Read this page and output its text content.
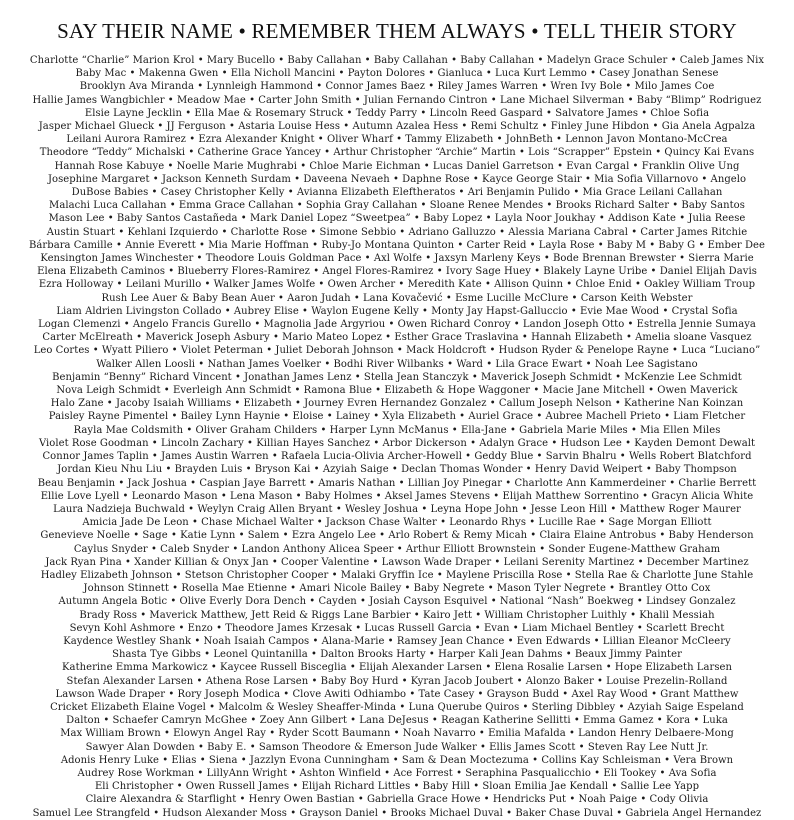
SAY THEIR NAME • REMEMBER THEM ALWAYS • TELL THEIR STORY
Charlotte “Charlie” Marion Krol • Mary Bucello • Baby Callahan • Baby Callahan • Baby Callahan • Madelyn Grace Schuler • Caleb James Nix
Baby Mac • Makenna Gwen • Ella Nicholl Mancini • Payton Dolores • Gianluca • Luca Kurt Lemmo • Casey Jonathan Senese
Brooklyn Ava Miranda • Lynnleigh Hammond • Connor James Baez • Riley James Warren • Wren Ivy Bole • Milo James Coe
Hallie James Wangbichler • Meadow Mae • Carter John Smith • Julian Fernando Cintron • Lane Michael Silverman • Baby “Blimp” Rodriguez
Elsie Layne Jecklin • Ella Mae & Rosemary Struck • Teddy Parry • Lincoln Reed Gaspard • Salvatore James • Chloe Sofia
Jasper Michael Glueck • JJ Ferguson • Astaria Louise Hess • Autumn Azalea Hess • Remi Schultz • Finley June Hibdon • Gia Anela Agpalza
Leilani Aurora Ramirez • Ezra Alexander Knight • Oliver Wharf • Tammy Elizabeth • JohnBeth • Lennon Javon Montano-McCrea
Theodore “Teddy” Michalski • Catherine Grace Yancey • Arthur Christopher “Archie” Martin • Lois “Scrapper” Epstein • Quincy Kai Evans
Hannah Rose Kabuye • Noelle Marie Mughrabi • Chloe Marie Eichman • Lucas Daniel Garretson • Evan Cargal • Franklin Olive Ung
Josephine Margaret • Jackson Kenneth Surdam • Daveena Nevaeh • Daphne Rose • Kayce George Stair • Mia Sofia Villarnovo • Angelo
DuBose Babies • Casey Christopher Kelly • Avianna Elizabeth Eleftheratos • Ari Benjamin Pulido • Mia Grace Leilani Callahan
Malachi Luca Callahan • Emma Grace Callahan • Sophia Gray Callahan • Sloane Renee Mendes • Brooks Richard Salter • Baby Santos
Mason Lee • Baby Santos Castañeda • Mark Daniel Lopez “Sweetpea” • Baby Lopez • Layla Noor Joukhay • Addison Kate • Julia Reese
Austin Stuart • Kehlani Izquierdo • Charlotte Rose • Simone Sebbio • Adriano Galluzzo • Alessia Mariana Cabral • Carter James Ritchie
Bárbara Camille • Annie Everett • Mia Marie Hoffman • Ruby-Jo Montana Quinton • Carter Reid • Layla Rose • Baby M • Baby G • Ember Dee
Kensington James Winchester • Theodore Louis Goldman Pace • Axl Wolfe • Jaxsyn Marleny Keys • Bode Brennan Brewster • Sierra Marie
Elena Elizabeth Caminos • Blueberry Flores-Ramirez • Angel Flores-Ramirez • Ivory Sage Huey • Blakely Layne Uribe • Daniel Elijah Davis
Ezra Holloway • Leilani Murillo • Walker James Wolfe • Owen Archer • Meredith Kate • Allison Quinn • Chloe Enid • Oakley William Troup
Rush Lee Auer & Baby Bean Auer • Aaron Judah • Lana Kovačević • Esme Lucille McClure • Carson Keith Webster
Liam Aldrien Livingston Collado • Aubrey Elise • Waylon Eugene Kelly • Monty Jay Hapst-Galluccio • Evie Mae Wood • Crystal Sofia
Logan Clemenzi • Angelo Francis Gurello • Magnolia Jade Argyriou • Owen Richard Conroy • Landon Joseph Otto • Estrella Jennie Sumaya
Carter McElreath • Maverick Joseph Asbury • Mario Mateo Lopez • Esther Grace Traslavina • Hannah Elizabeth • Amelia sloane Vasquez
Leo Cortes • Wyatt Piliero • Violet Peterman • Juliet Deborah Johnson • Mack Holdcroft • Hudson Ryder & Penelope Rayne • Luca “Luciano”
Walker Allen Loosli • Nathan James Voelker • Bodhi River Wilbanks • Ward • Lila Grace Ewart • Noah Lee Sagistano
Benjamin “Benny” Richard Vincent • Jonathan James Lenz • Stella Jean Stanczyk • Maverick Joseph Schmidt • McKenzie Lee Schmidt
Nova Leigh Schmidt • Everleigh Ann Schmidt • Ramona Blue • Elizabeth & Hope Waggoner • Macie Jane Mitchell • Owen Maverick
Halo Zane • Jacoby Isaiah Williams • Elizabeth • Journey Evren Hernandez Gonzalez • Callum Joseph Nelson • Katherine Nan Koinzan
Paisley Rayne Pimentel • Bailey Lynn Haynie • Eloise • Lainey • Xyla Elizabeth • Auriel Grace • Aubree Machell Prieto • Liam Fletcher
Rayla Mae Coldsmith • Oliver Graham Childers • Harper Lynn McManus • Ella-Jane • Gabriela Marie Miles • Mia Ellen Miles
Violet Rose Goodman • Lincoln Zachary • Killian Hayes Sanchez • Arbor Dickerson • Adalyn Grace • Hudson Lee • Kayden Demont Dewalt
Connor James Taplin • James Austin Warren • Rafaela Lucia-Olivia Archer-Howell • Geddy Blue • Sarvin Bhalru • Wells Robert Blatchford
Jordan Kieu Nhu Liu • Brayden Luis • Bryson Kai • Azyiah Saige • Declan Thomas Wonder • Henry David Weipert • Baby Thompson
Beau Benjamin • Jack Joshua • Caspian Jaye Barrett • Amaris Nathan • Lillian Joy Pinegar • Charlotte Ann Kammerdeiner • Charlie Berrett
Ellie Love Lyell • Leonardo Mason • Lena Mason • Baby Holmes • Aksel James Stevens • Elijah Matthew Sorrentino • Gracyn Alicia White
Laura Nadzieja Buchwald • Weylyn Craig Allen Bryant • Wesley Joshua • Leyna Hope John • Jesse Leon Hill • Matthew Roger Maurer
Amicia Jade De Leon • Chase Michael Walter • Jackson Chase Walter • Leonardo Rhys • Lucille Rae • Sage Morgan Elliott
Genevieve Noelle • Sage • Katie Lynn • Salem • Ezra Angelo Lee • Arlo Robert & Remy Micah • Claira Elaine Antrobus • Baby Henderson
Caylus Snyder • Caleb Snyder • Landon Anthony Alicea Speer • Arthur Elliott Brownstein • Sonder Eugene-Matthew Graham
Jack Ryan Pina • Xander Killian & Onyx Jan • Cooper Valentine • Lawson Wade Draper • Leilani Serenity Martinez • December Martinez
Hadley Elizabeth Johnson • Stetson Christopher Cooper • Malaki Gryffin Ice • Maylene Priscilla Rose • Stella Rae & Charlotte June Stahle
Johnson Stinnett • Rosella Mae Etienne • Amari Nicole Bailey • Baby Negrete • Mason Tyler Negrete • Brantley Otto Cox
Autumn Angela Botic • Olive Everly Dora Dench • Cayden • Josiah Cayson Esquivel • National “Nash” Boekweg • Lindsey Gonzalez
Brady Ross • Maverick Matthew, Jett Reid & Riggs Lane Barbier • Kairo Jett • William Christopher Luithly • Khalil Messiah
Sevyn Kohl Ashmore • Enzo • Theodore James Krzesak • Lucas Russell Garcia • Evan • Liam Michael Bentley • Scarlett Brecht
Kaydence Westley Shank • Noah Isaiah Campos • Alana-Marie • Ramsey Jean Chance • Even Edwards • Lillian Eleanor McCleery
Shasta Tye Gibbs • Leonel Quintanilla • Dalton Brooks Harty • Harper Kali Jean Dahms • Beaux Jimmy Painter
Katherine Emma Markowicz • Kaycee Russell Bisceglia • Elijah Alexander Larsen • Elena Rosalie Larsen • Hope Elizabeth Larsen
Stefan Alexander Larsen • Athena Rose Larsen • Baby Boy Hurd • Kyran Jacob Joubert • Alonzo Baker • Louise Prezelin-Rolland
Lawson Wade Draper • Rory Joseph Modica • Clove Awiti Odhiambo • Tate Casey • Grayson Budd • Axel Ray Wood • Grant Matthew
Cricket Elizabeth Elaine Vogel • Malcolm & Wesley Sheaffer-Minda • Luna Querube Quiros • Sterling Dibbley • Azyiah Saige Espeland
Dalton • Schaefer Camryn McGhee • Zoey Ann Gilbert • Lana DeJesus • Reagan Katherine Sellitti • Emma Gamez • Kora • Luka
Max William Brown • Elowyn Angel Ray • Ryder Scott Baumann • Noah Navarro • Emilia Mafalda • Landon Henry Delbaere-Mong
Sawyer Alan Dowden • Baby E. • Samson Theodore & Emerson Jude Walker • Ellis James Scott • Steven Ray Lee Nutt Jr.
Adonis Henry Luke • Elias • Siena • Jazzlyn Evona Cunningham • Sam & Dean Moctezuma • Collins Kay Schleisman • Vera Brown
Audrey Rose Workman • LillyAnn Wright • Ashton Winfield • Ace Forrest • Seraphina Pasqualicchio • Eli Tookey • Ava Sofia
Eli Christopher • Owen Russell James • Elijah Richard Littles • Baby Hill • Sloan Emilia Jae Kendall • Sallie Lee Yapp
Claire Alexandra & Starflight • Henry Owen Bastian • Gabriella Grace Howe • Hendricks Put • Noah Paige • Cody Olivia
Samuel Lee Strangfeld • Hudson Alexander Moss • Grayson Daniel • Brooks Michael Duval • Baker Chase Duval • Gabriela Angel Hernandez
